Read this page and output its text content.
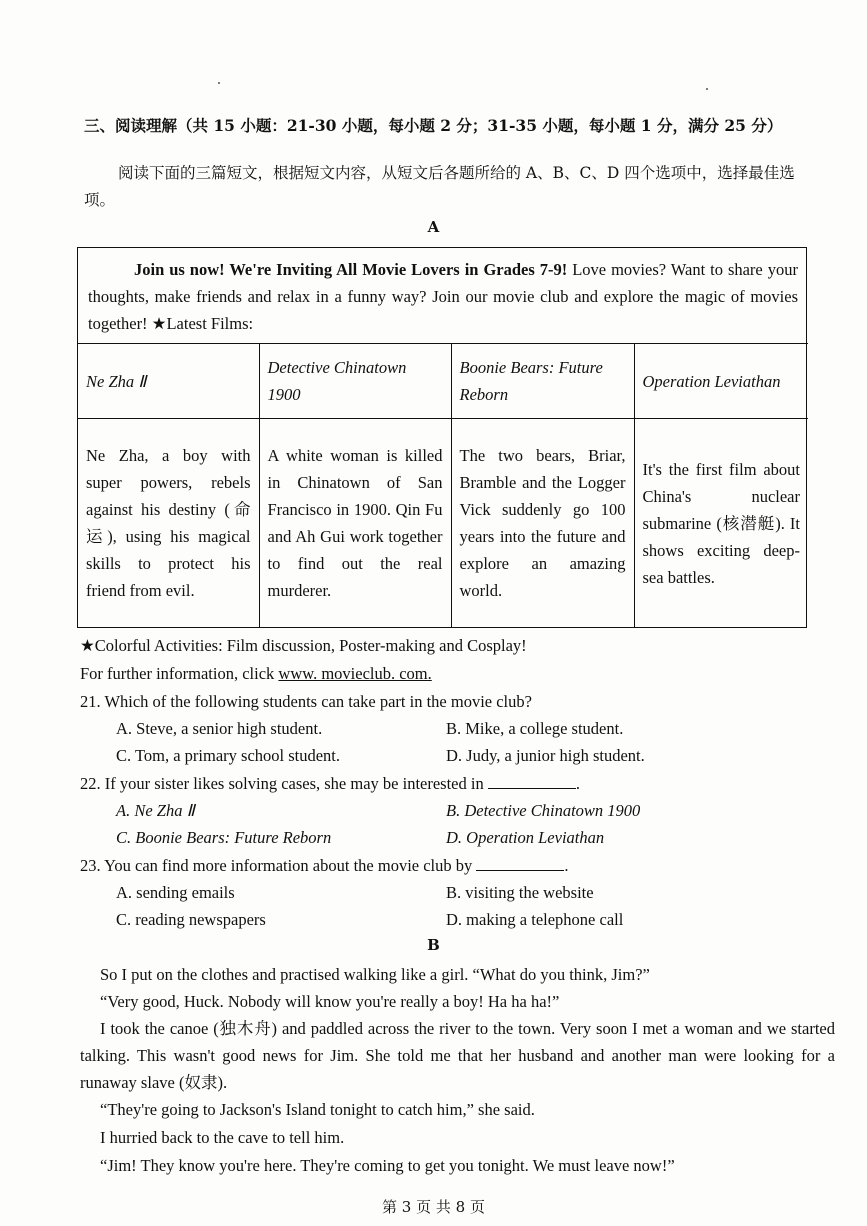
三、阅读理解（共 15 小题：21-30 小题，每小题 2 分；31-35 小题，每小题 1 分，满分 25 分）
阅读下面的三篇短文，根据短文内容，从短文后各题所给的 A、B、C、D 四个选项中，选择最佳选项。
A
Join us now! We're Inviting All Movie Lovers in Grades 7-9! Love movies? Want to share your thoughts, make friends and relax in a funny way? Join our movie club and explore the magic of movies together! ★Latest Films:
Ne Zha Ⅱ	Detective Chinatown 1900	Boonie Bears: Future Reborn	Operation Leviathan
Ne Zha, a boy with super powers, rebels against his destiny (命运), using his magical skills to protect his friend from evil.	A white woman is killed in Chinatown of San Francisco in 1900. Qin Fu and Ah Gui work together to find out the real murderer.	The two bears, Briar, Bramble and the Logger Vick suddenly go 100 years into the future and explore an amazing world.	It's the first film about China's nuclear submarine (核潜艇). It shows exciting deep-sea battles.
★Colorful Activities: Film discussion, Poster-making and Cosplay!
For further information, click www. movieclub. com.
21. Which of the following students can take part in the movie club?
A. Steve, a senior high student.	B. Mike, a college student.
C. Tom, a primary school student.	D. Judy, a junior high student.
22. If your sister likes solving cases, she may be interested in	.
A. Ne Zha Ⅱ	B. Detective Chinatown 1900
C. Boonie Bears: Future Reborn	D. Operation Leviathan
23. You can find more information about the movie club by	.
A. sending emails	B. visiting the website
C. reading newspapers	D. making a telephone call
B
So I put on the clothes and practised walking like a girl. “What do you think, Jim?”
“Very good, Huck. Nobody will know you're really a boy! Ha ha ha!”
I took the canoe (独木舟) and paddled across the river to the town. Very soon I met a woman and we started talking. This wasn't good news for Jim. She told me that her husband and another man were looking for a runaway slave (奴隶).
“They're going to Jackson's Island tonight to catch him,” she said.
I hurried back to the cave to tell him.
“Jim! They know you're here. They're coming to get you tonight. We must leave now!”
第 3 页 共 8 页
